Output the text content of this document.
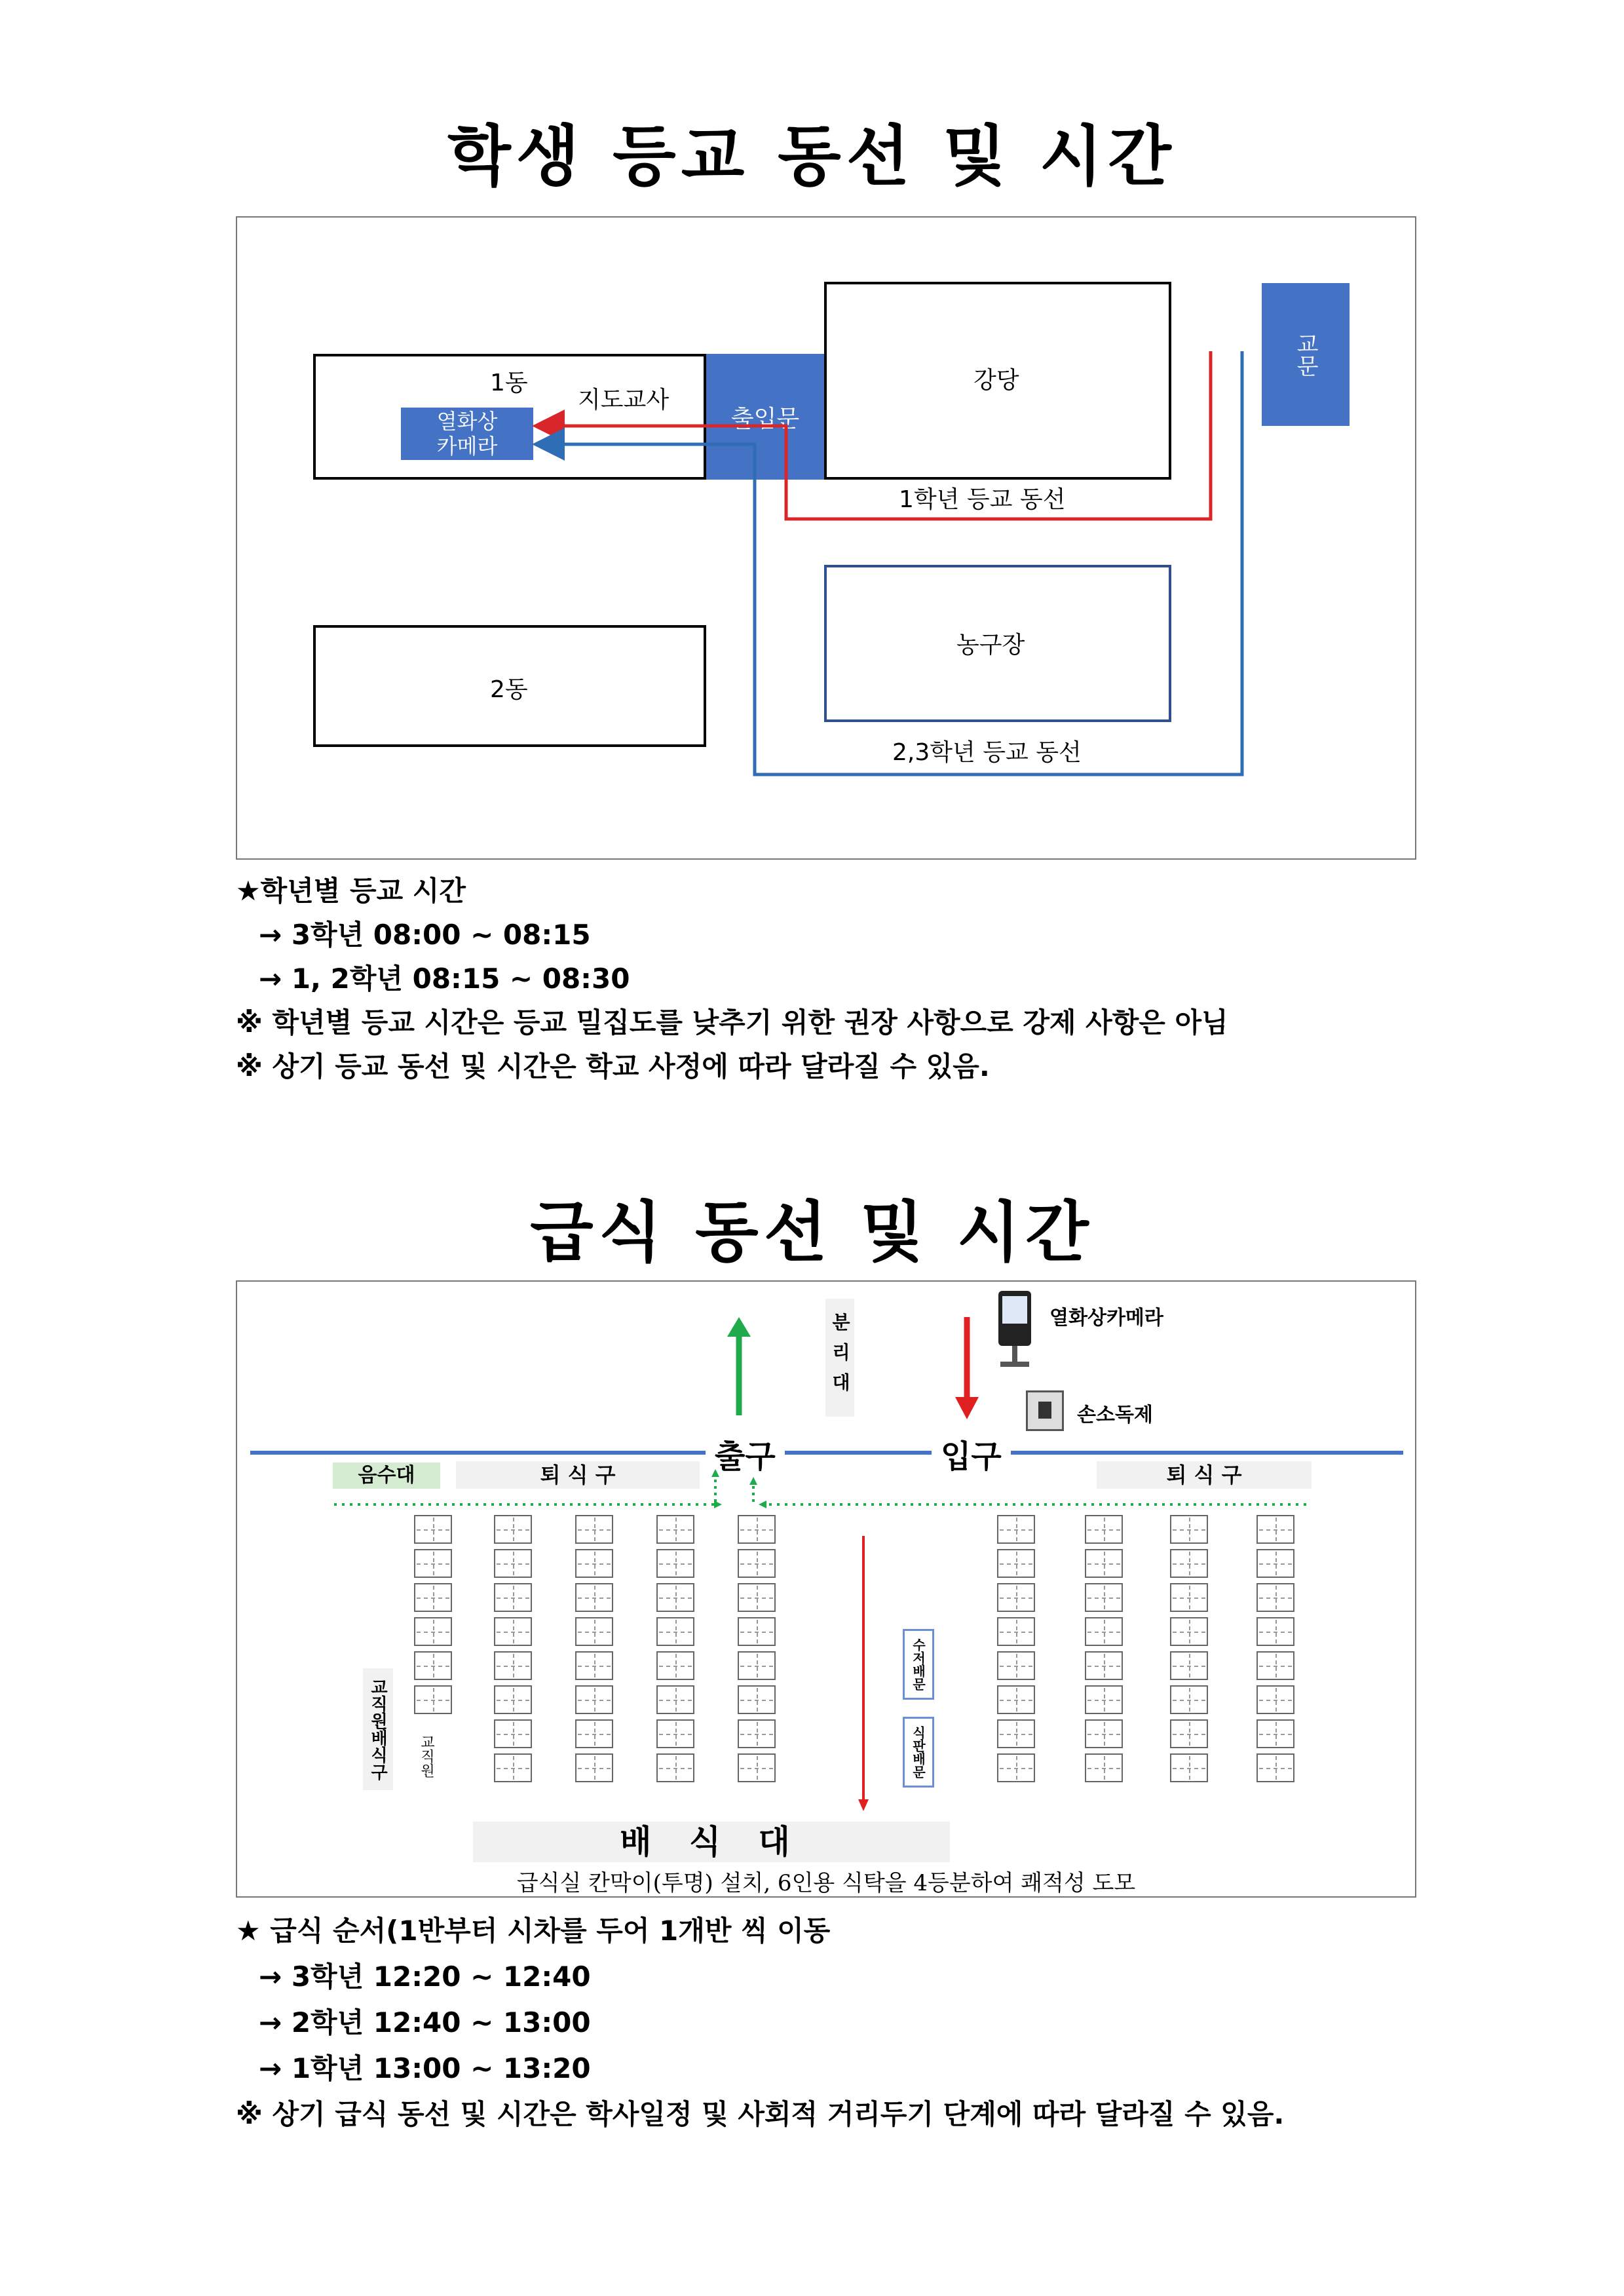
학생 등교 동선 및 시간
1동
지도교사
열화상
카메라
출입문
강당
교문
농구장
2동
1학년 등교 동선
2,3학년 등교 동선
★학년별 등교 시간
→ 3학년 08:00 ~ 08:15
→ 1, 2학년 08:15 ~ 08:30
※ 학년별 등교 시간은 등교 밀집도를 낮추기 위한 권장 사항으로 강제 사항은 아님
※ 상기 등교 동선 및 시간은 학교 사정에 따라 달라질 수 있음.
급식 동선 및 시간
출구	입구
분리대	열화상카메라
손소독제
음수대	퇴 식 구	퇴 식 구
교직원배식구	교직원
수저배문
식판배문
배 식 대
급식실 칸막이(투명) 설치, 6인용 식탁을 4등분하여 쾌적성 도모
★ 급식 순서(1반부터 시차를 두어 1개반 씩 이동
→ 3학년 12:20 ~ 12:40
→ 2학년 12:40 ~ 13:00
→ 1학년 13:00 ~ 13:20
※ 상기 급식 동선 및 시간은 학사일정 및 사회적 거리두기 단계에 따라 달라질 수 있음.
